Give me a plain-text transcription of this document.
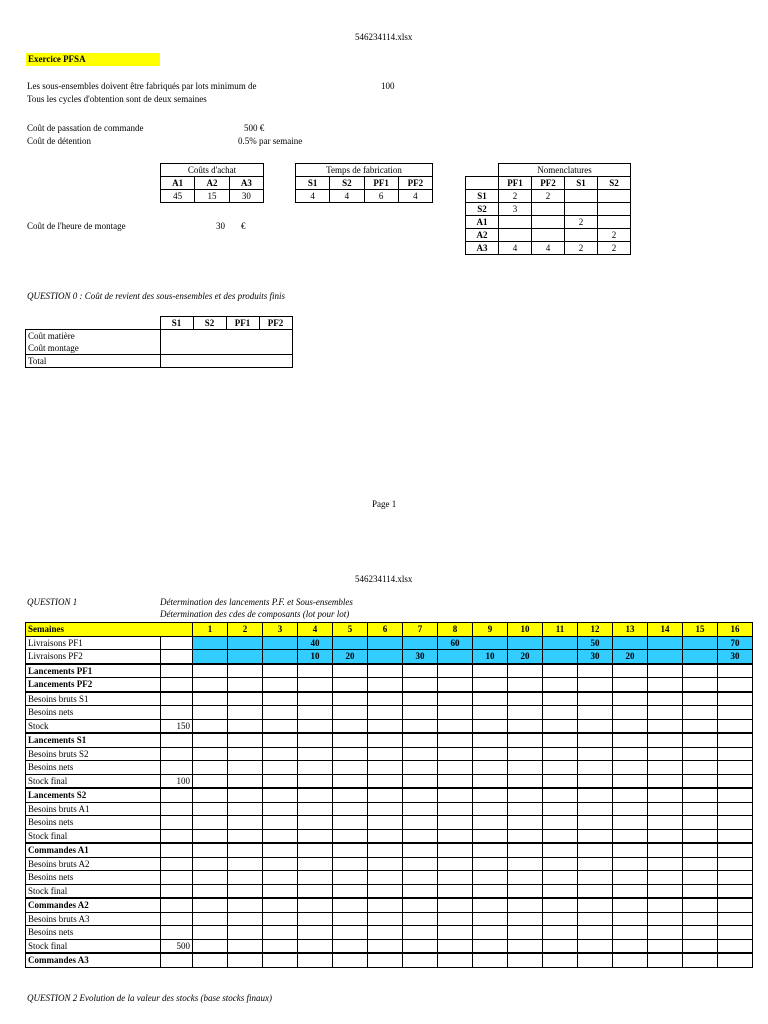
546234114.xlsx
Exercice PFSA
Les sous-ensembles doivent être fabriqués par lots minimum de	100
Tous les cycles d'obtention sont de deux semaines
Coût de passation de commande	500 €
Coût de détention	0.5% par semaine
Coûts d'achat		
A1	A2	A3
45	15	30
Temps de fabrication			
S1	S2	PF1	PF2
4	4	6	4
	Nomenclatures			
	PF1	PF2	S1	S2
S1	2	2		
S2	3			
A1			2	
A2				2
A3	4	4	2	2
Coût de l'heure de montage	30 €
QUESTION 0 : Coût de revient des sous-ensembles et des produits finis
	S1	S2	PF1	PF2
Coût matière				
Coût montage				
Total				
Page 1
546234114.xlsx
QUESTION 1	Détermination des lancements P.F. et Sous-ensembles
Détermination des cdes de composants (lot pour lot)
Semaines		1	2	3	4	5	6	7	8	9	10	11	12	13	14	15	16
Livraisons PF1					40				60				50				70
Livraisons PF2					10	20		30		10	20		30	20			30
Lancements PF1																	
Lancements PF2																	
Besoins bruts S1																	
Besoins nets																	
Stock	150																
Lancements S1																	
Besoins bruts S2																	
Besoins nets																	
Stock final	100																
Lancements S2																	
Besoins bruts A1																	
Besoins nets																	
Stock final																	
Commandes A1																	
Besoins bruts A2																	
Besoins nets																	
Stock final																	
Commandes A2																	
Besoins bruts A3																	
Besoins nets																	
Stock final	500																
Commandes A3																	
QUESTION 2 Evolution de la valeur des stocks (base stocks finaux)
